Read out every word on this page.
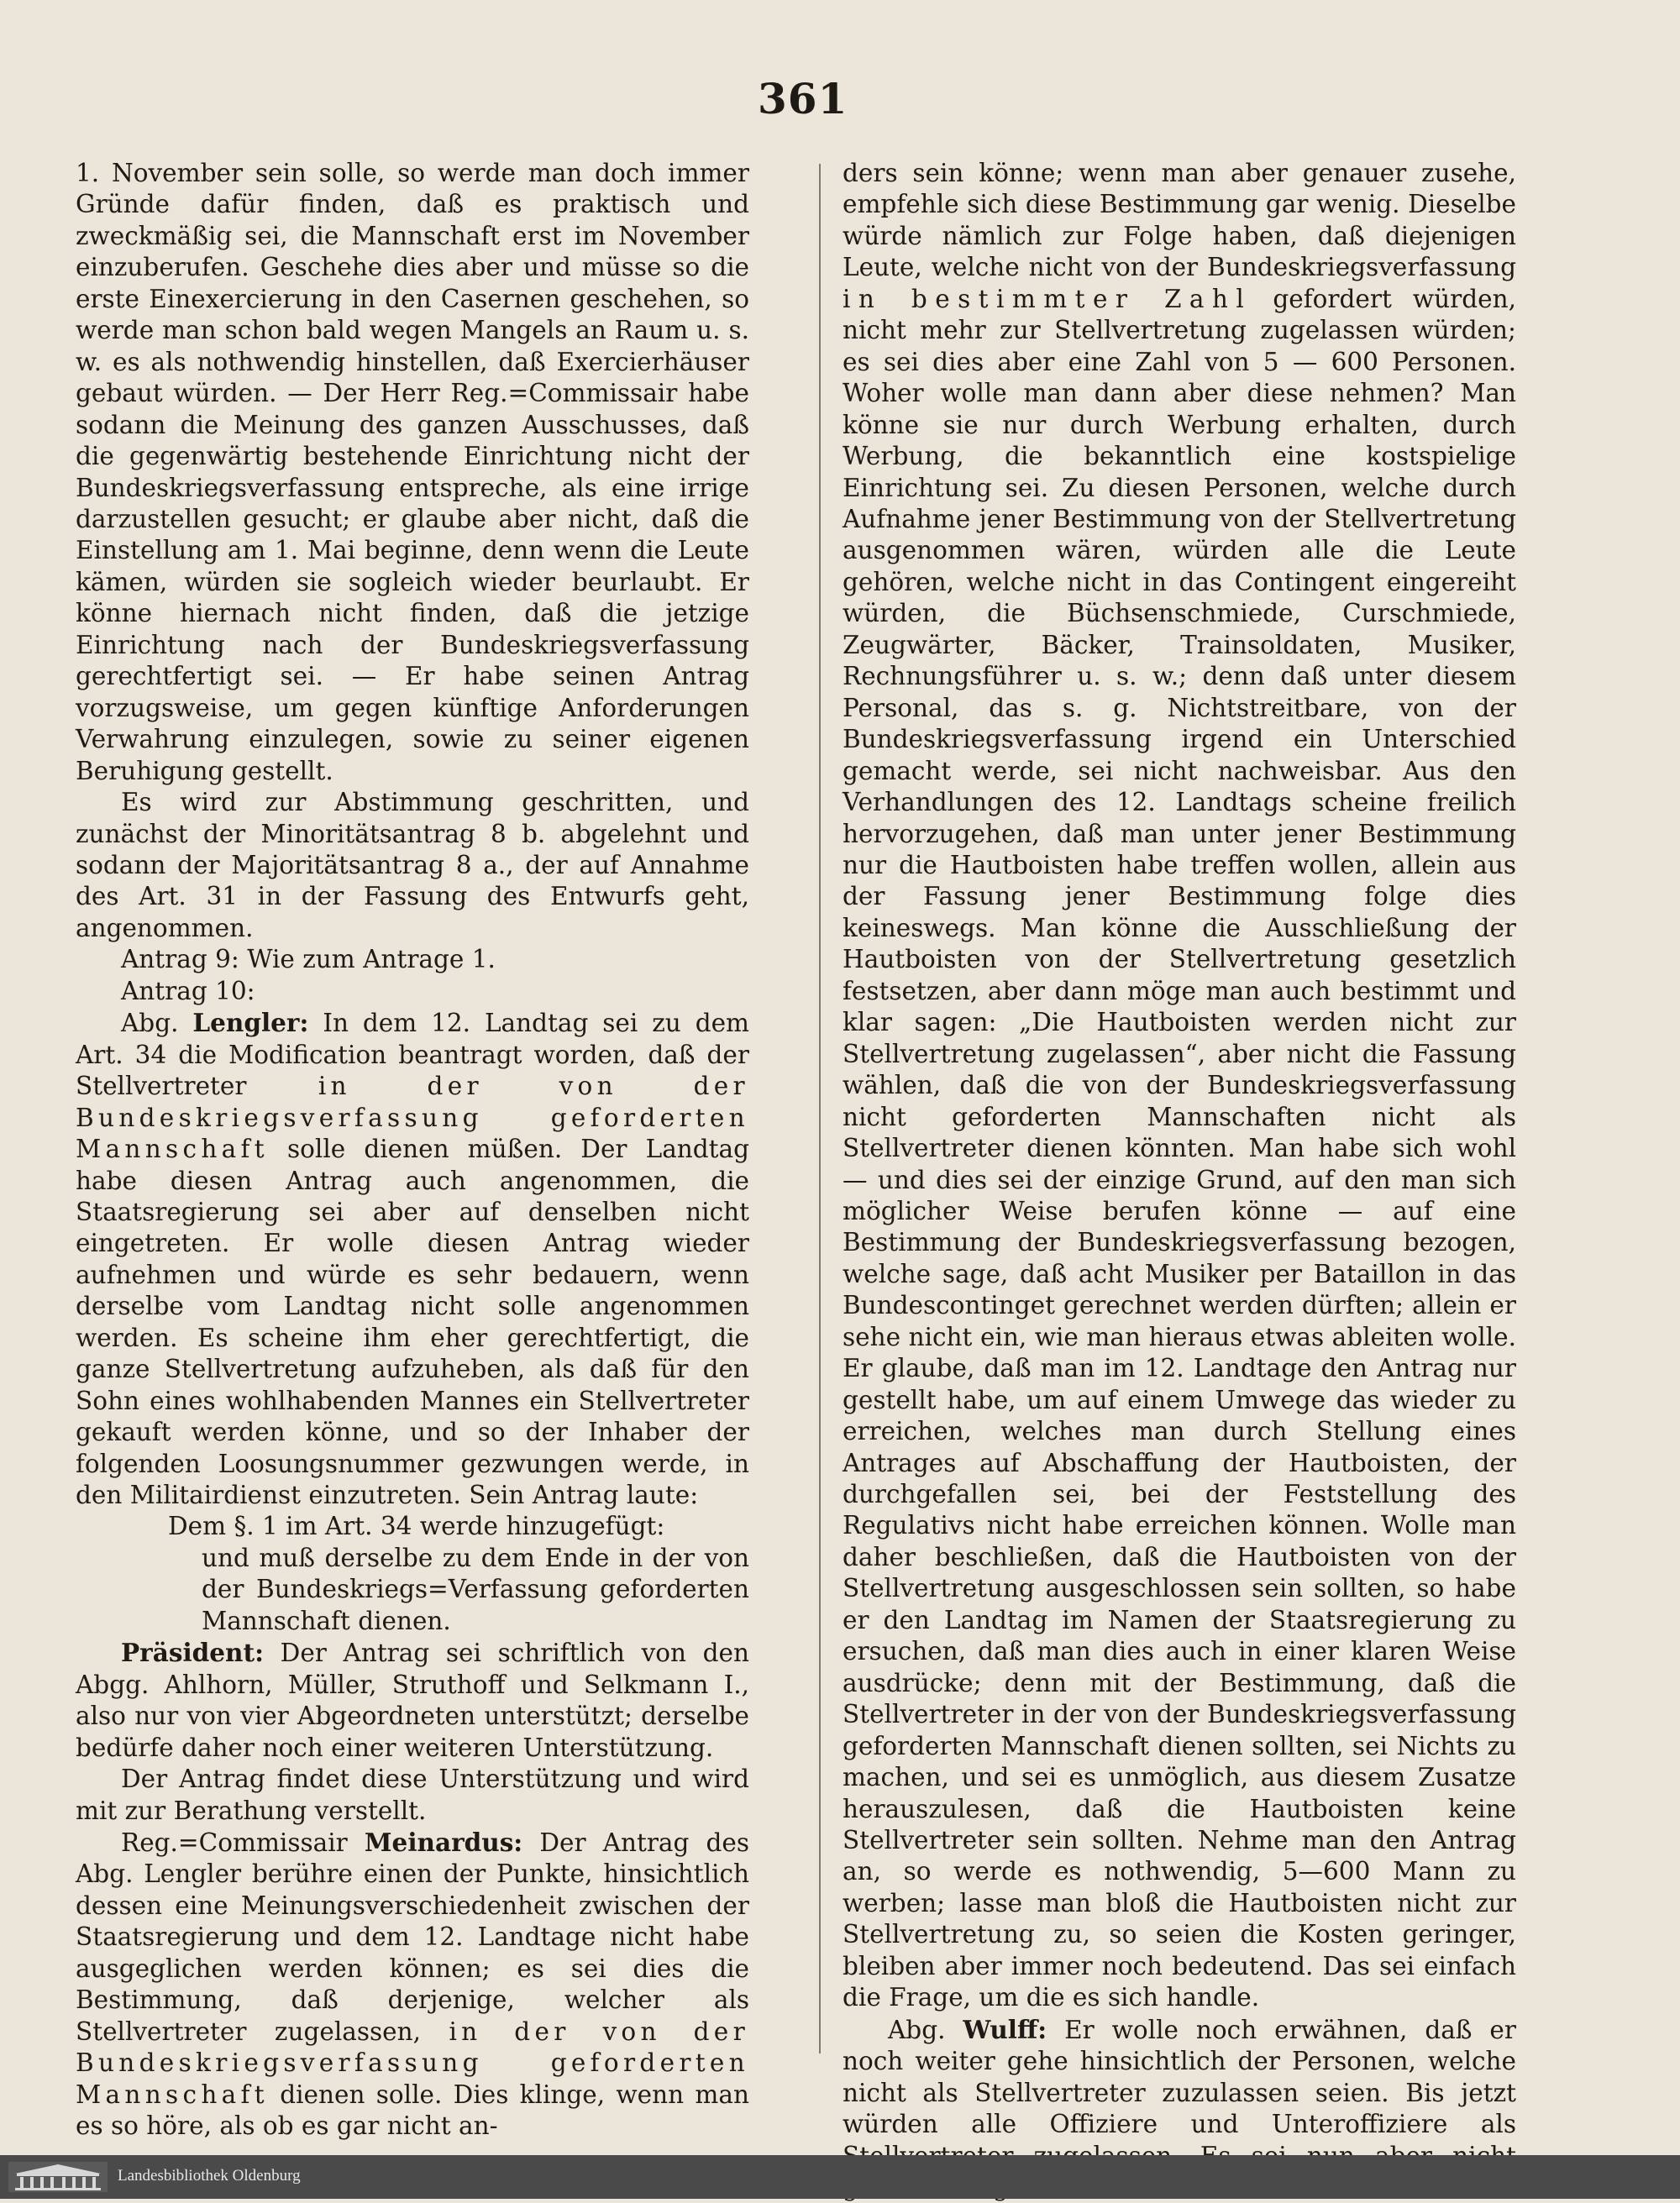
361

1. November sein solle, so werde man doch immer Gründe dafür finden, daß es praktisch und zweckmäßig sei, die Mannschaft erst im November einzuberufen. Geschehe dies aber und müsse so die erste Einexercierung in den Casernen geschehen, so werde man schon bald wegen Mangels an Raum u. s. w. es als nothwendig hinstellen, daß Exercierhäuser gebaut würden. — Der Herr Reg.=Commissair habe sodann die Meinung des ganzen Ausschusses, daß die gegenwärtig bestehende Einrichtung nicht der Bundeskriegsverfassung entspreche, als eine irrige darzustellen gesucht; er glaube aber nicht, daß die Einstellung am 1. Mai beginne, denn wenn die Leute kämen, würden sie sogleich wieder beurlaubt. Er könne hiernach nicht finden, daß die jetzige Einrichtung nach der Bundeskriegsverfassung gerechtfertigt sei. — Er habe seinen Antrag vorzugsweise, um gegen künftige Anforderungen Verwahrung einzulegen, sowie zu seiner eigenen Beruhigung gestellt.

Es wird zur Abstimmung geschritten, und zunächst der Minoritätsantrag 8 b. abgelehnt und sodann der Majoritätsantrag 8 a., der auf Annahme des Art. 31 in der Fassung des Entwurfs geht, angenommen.

Antrag 9: Wie zum Antrage 1.

Antrag 10:

Abg. Lengler: In dem 12. Landtag sei zu dem Art. 34 die Modification beantragt worden, daß der Stellvertreter	in der von der Bundeskriegsverfassung geforderten Mannschaft solle dienen müßen. Der Landtag habe diesen Antrag auch angenommen, die Staatsregierung sei aber auf denselben nicht eingetreten. Er wolle diesen Antrag wieder aufnehmen und würde es sehr bedauern, wenn derselbe vom Landtag nicht solle angenommen werden. Es scheine ihm eher gerechtfertigt, die ganze Stellvertretung aufzuheben, als daß für den Sohn eines wohlhabenden Mannes ein Stellvertreter gekauft werden könne, und so der Inhaber der folgenden Loosungsnummer gezwungen werde, in den Militairdienst einzutreten. Sein Antrag laute:

Dem §. 1 im Art. 34 werde hinzugefügt:

und muß derselbe zu dem Ende in der von der Bundeskriegs=Verfassung geforderten Mannschaft dienen.

Präsident: Der Antrag sei schriftlich von den Abgg. Ahlhorn, Müller, Struthoff und Selkmann I., also nur von vier Abgeordneten unterstützt; derselbe bedürfe daher noch einer weiteren Unterstützung.

Der Antrag findet diese Unterstützung und wird mit zur Berathung verstellt.

Reg.=Commissair Meinardus: Der Antrag des Abg. Lengler berühre einen der Punkte, hinsichtlich dessen eine Meinungsverschiedenheit zwischen der Staatsregierung und dem 12. Landtage nicht habe ausgeglichen werden können; es sei dies die Bestimmung, daß derjenige, welcher als Stellvertreter zugelassen, in der von der Bundeskriegsverfassung geforderten Mannschaft dienen solle. Dies klinge, wenn man es so höre, als ob es gar nicht an-

ders sein könne; wenn man aber genauer zusehe, empfehle sich diese Bestimmung gar wenig. Dieselbe würde nämlich zur Folge haben, daß diejenigen Leute, welche nicht von der Bundeskriegsverfassung in bestimmter Zahl gefordert würden, nicht mehr zur Stellvertretung zugelassen würden; es sei dies aber eine Zahl von 5 — 600 Personen. Woher wolle man dann aber diese nehmen? Man könne sie nur durch Werbung erhalten, durch Werbung, die bekanntlich eine kostspielige Einrichtung sei. Zu diesen Personen, welche durch Aufnahme jener Bestimmung von der Stellvertretung ausgenommen wären, würden alle die Leute gehören, welche nicht in das Contingent eingereiht würden, die Büchsenschmiede, Curschmiede, Zeugwärter, Bäcker, Trainsoldaten, Musiker, Rechnungsführer u. s. w.; denn daß unter diesem Personal, das s. g. Nichtstreitbare, von der Bundeskriegsverfassung irgend ein Unterschied gemacht werde, sei nicht nachweisbar. Aus den Verhandlungen des 12. Landtags scheine freilich hervorzugehen, daß man unter jener Bestimmung nur die Hautboisten habe treffen wollen, allein aus der Fassung jener Bestimmung folge dies keineswegs. Man könne die Ausschließung der Hautboisten von der Stellvertretung gesetzlich festsetzen, aber dann möge man auch bestimmt und klar sagen: „Die Hautboisten werden nicht zur Stellvertretung zugelassen“, aber nicht die Fassung wählen, daß die von der Bundeskriegsverfassung nicht geforderten Mannschaften nicht als Stellvertreter dienen könnten. Man habe sich wohl — und dies sei der einzige Grund, auf den man sich möglicher Weise berufen könne — auf eine Bestimmung der Bundeskriegsverfassung bezogen, welche sage, daß acht Musiker per Bataillon in das Bundescontinget gerechnet werden dürften; allein er sehe nicht ein, wie man hieraus etwas ableiten wolle. Er glaube, daß man im 12. Landtage den Antrag nur gestellt habe, um auf einem Umwege das wieder zu erreichen, welches man durch Stellung eines Antrages auf Abschaffung der Hautboisten, der durchgefallen sei, bei der Feststellung des Regulativs nicht habe erreichen können. Wolle man daher beschließen, daß die Hautboisten von der Stellvertretung ausgeschlossen sein sollten, so habe er den Landtag im Namen der Staatsregierung zu ersuchen, daß man dies auch in einer klaren Weise ausdrücke; denn mit der Bestimmung, daß die Stellvertreter in der von der Bundeskriegsverfassung geforderten Mannschaft dienen sollten, sei Nichts zu machen, und sei es unmöglich, aus diesem Zusatze herauszulesen, daß die Hautboisten keine Stellvertreter sein sollten. Nehme man den Antrag an, so werde es nothwendig, 5—600 Mann zu werben; lasse man bloß die Hautboisten nicht zur Stellvertretung zu, so seien die Kosten geringer, bleiben aber immer noch bedeutend. Das sei einfach die Frage, um die es sich handle.

Abg. Wulff: Er wolle noch erwähnen, daß er noch weiter gehe hinsichtlich der Personen, welche nicht als Stellvertreter zuzulassen seien. Bis jetzt würden alle Offiziere und Unteroffiziere als

Landesbibliothek Oldenburg
